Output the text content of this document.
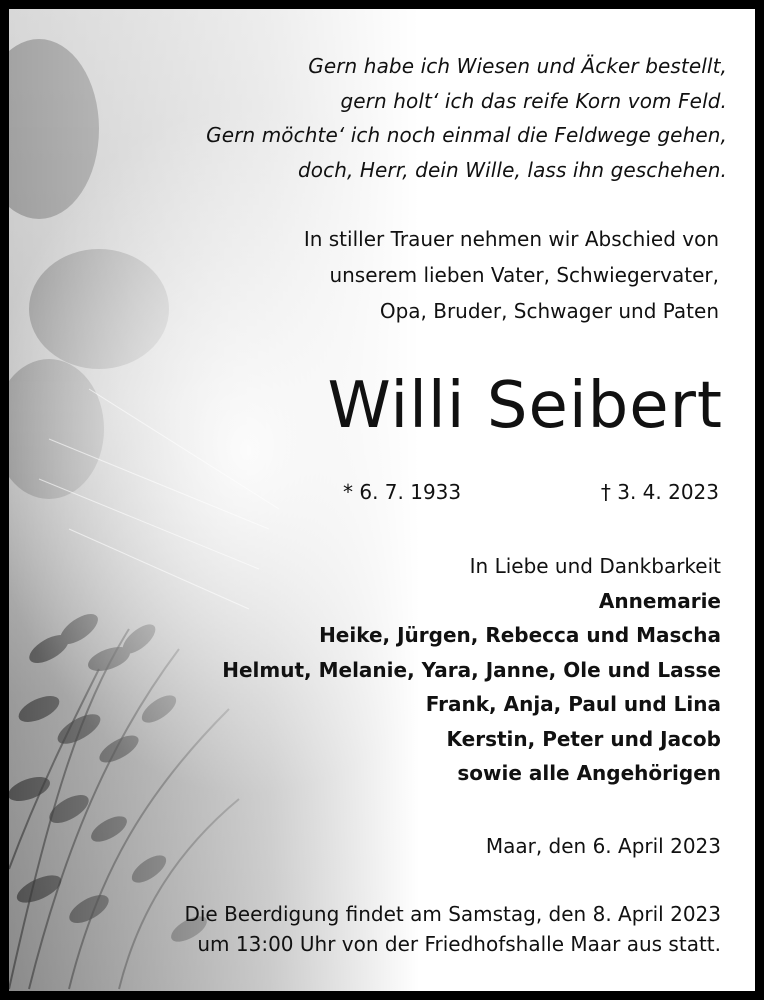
Gern habe ich Wiesen und Äcker bestellt,
gern holt‘ ich das reife Korn vom Feld.
Gern möchte‘ ich noch einmal die Feldwege gehen,
doch, Herr, dein Wille, lass ihn geschehen.
In stiller Trauer nehmen wir Abschied von
unserem lieben Vater, Schwiegervater,
Opa, Bruder, Schwager und Paten
Willi Seibert
* 6. 7. 1933	† 3. 4. 2023
In Liebe und Dankbarkeit
Annemarie
Heike, Jürgen, Rebecca und Mascha
Helmut, Melanie, Yara, Janne, Ole und Lasse
Frank, Anja, Paul und Lina
Kerstin, Peter und Jacob
sowie alle Angehörigen
Maar, den 6. April 2023
Die Beerdigung findet am Samstag, den 8. April 2023
um 13:00 Uhr von der Friedhofshalle Maar aus statt.
